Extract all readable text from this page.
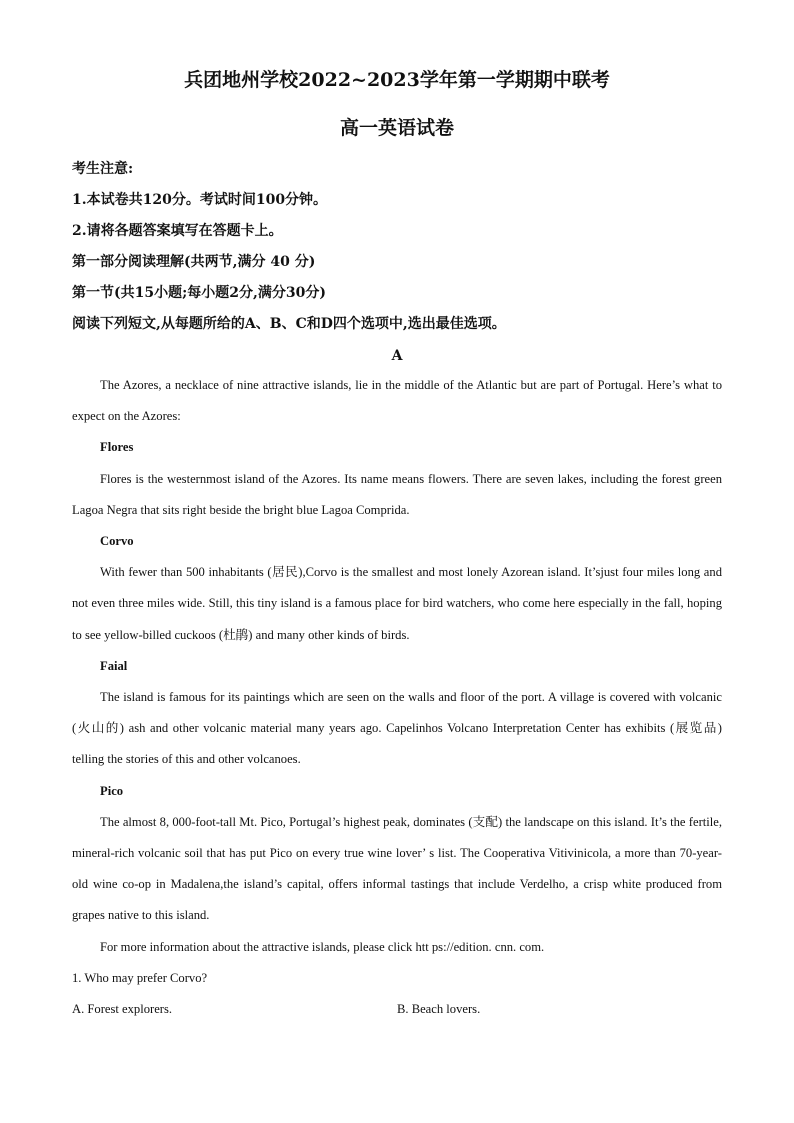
兵团地州学校2022~2023学年第一学期期中联考
高一英语试卷
考生注意:
1.本试卷共120分。考试时间100分钟。
2.请将各题答案填写在答题卡上。
第一部分阅读理解(共两节,满分 40 分)
第一节(共15小题;每小题2分,满分30分)
阅读下列短文,从每题所给的A、B、C和D四个选项中,选出最佳选项。
A

The Azores, a necklace of nine attractive islands, lie in the middle of the Atlantic but are part of Portugal. Here’s what to expect on the Azores:

Flores

Flores is the westernmost island of the Azores. Its name means flowers. There are seven lakes, including the forest green Lagoa Negra that sits right beside the bright blue Lagoa Comprida.

Corvo

With fewer than 500 inhabitants (居民),Corvo is the smallest and most lonely Azorean island. It’sjust four miles long and not even three miles wide. Still, this tiny island is a famous place for bird watchers, who come here especially in the fall, hoping to see yellow-billed cuckoos (杜鹃) and many other kinds of birds.

Faial

The island is famous for its paintings which are seen on the walls and floor of the port. A village is covered with volcanic (火山的) ash and other volcanic material many years ago. Capelinhos Volcano Interpretation Center has exhibits (展览品) telling the stories of this and other volcanoes.

Pico

The almost 8, 000-foot-tall Mt. Pico, Portugal’s highest peak, dominates (支配) the landscape on this island. It’s the fertile, mineral-rich volcanic soil that has put Pico on every true wine lover’ s list. The Cooperativa Vitivinicola, a more than 70-year-old wine co-op in Madalena,the island’s capital, offers informal tastings that include Verdelho, a crisp white produced from grapes native to this island.

For more information about the attractive islands, please click htt ps://edition. cnn. com.

1. Who may prefer Corvo?
A. Forest explorers.	B. Beach lovers.
